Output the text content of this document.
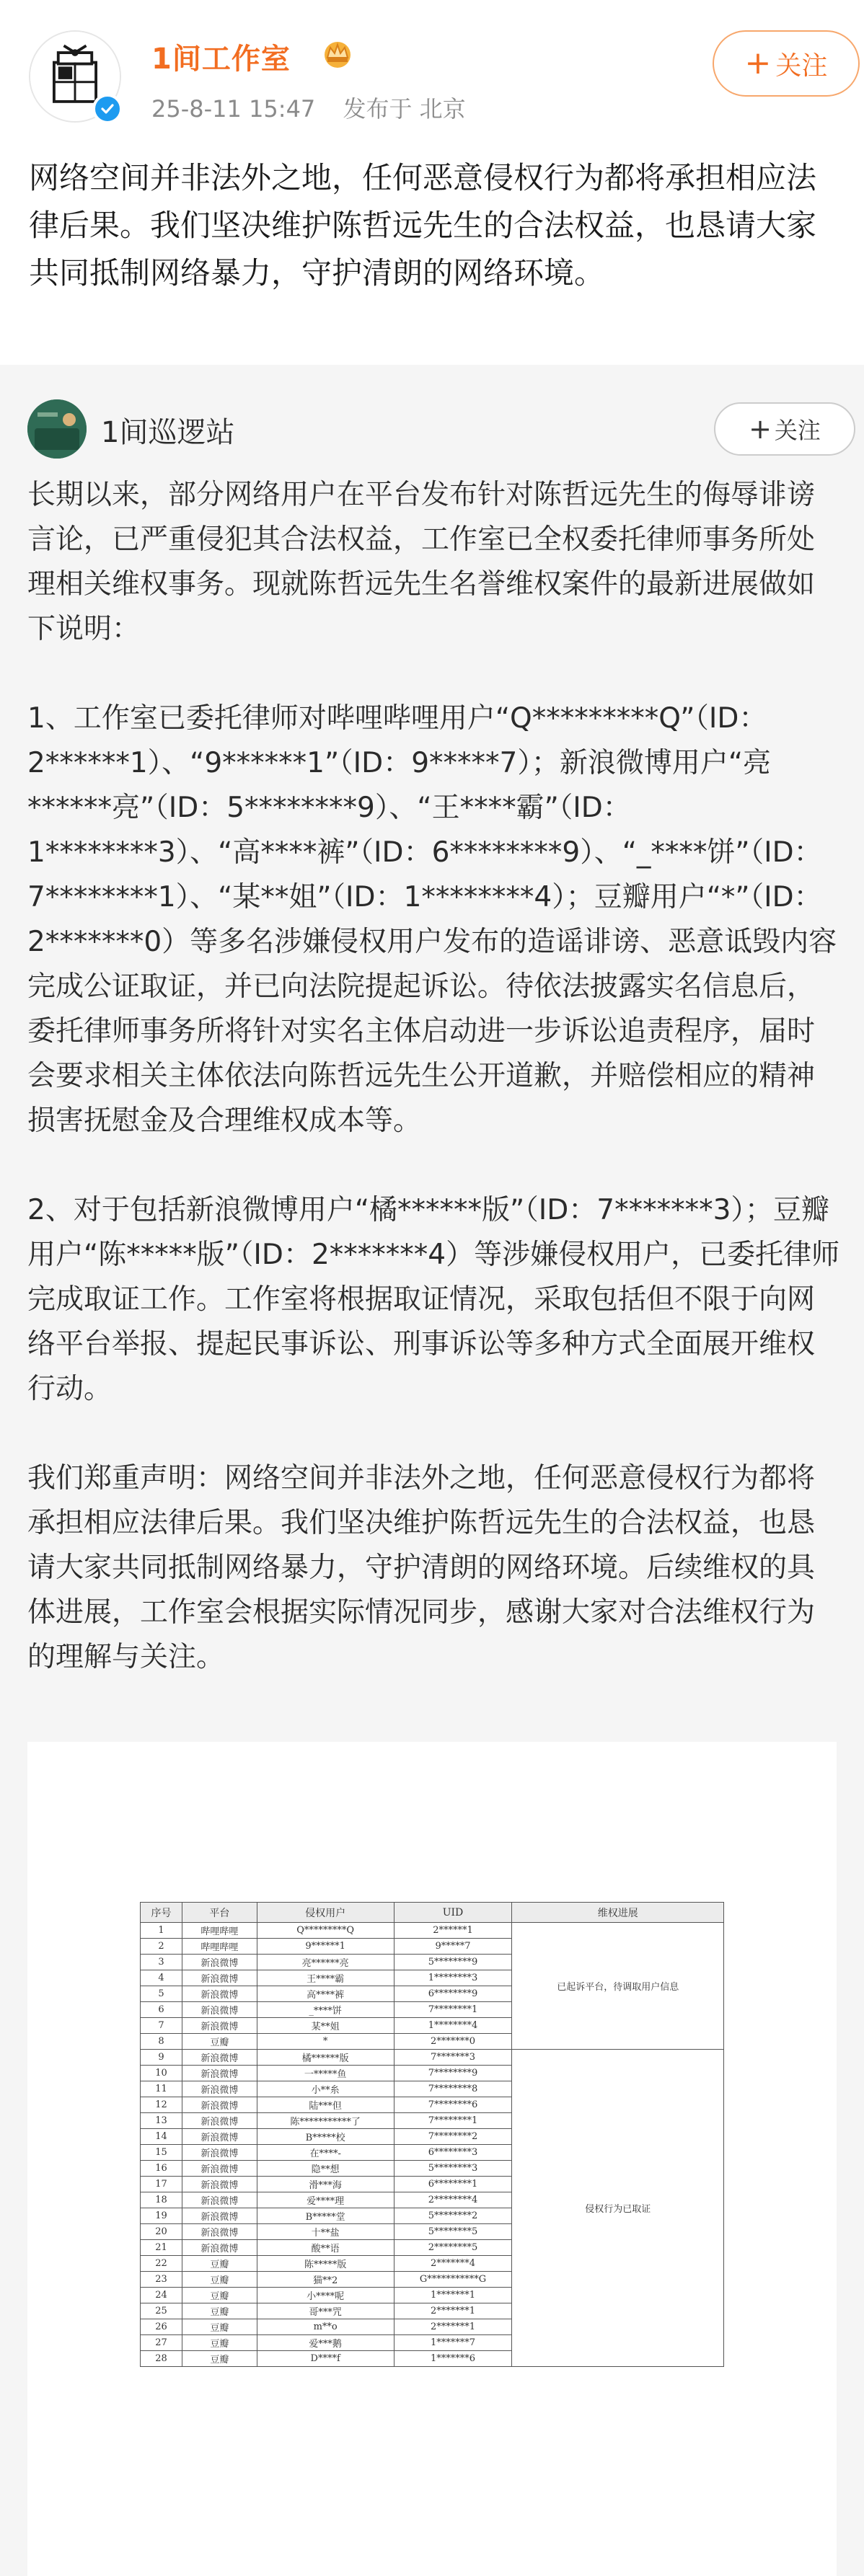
1间工作室
25-8-11 15:47 发布于 北京
+ 关注
网络空间并非法外之地，任何恶意侵权行为都将承担相应法律后果。我们坚决维护陈哲远先生的合法权益，也恳请大家共同抵制网络暴力，守护清朗的网络环境。
1间巡逻站	+ 关注

长期以来，部分网络用户在平台发布针对陈哲远先生的侮辱诽谤言论，已严重侵犯其合法权益，工作室已全权委托律师事务所处理相关维权事务。现就陈哲远先生名誉维权案件的最新进展做如下说明：

1、工作室已委托律师对哔哩哔哩用户“Q*********Q”（ID：2******1）、“9******1”（ID：9*****7）；新浪微博用户“亮******亮”（ID：5********9）、“王****霸”（ID：1********3）、“高****裤”（ID：6********9）、“_****饼”（ID：7********1）、“某**姐”（ID：1********4）；豆瓣用户“*”（ID：2*******0）等多名涉嫌侵权用户发布的造谣诽谤、恶意诋毁内容完成公证取证，并已向法院提起诉讼。待依法披露实名信息后，委托律师事务所将针对实名主体启动进一步诉讼追责程序，届时会要求相关主体依法向陈哲远先生公开道歉，并赔偿相应的精神损害抚慰金及合理维权成本等。

2、对于包括新浪微博用户“橘******版”（ID：7*******3）；豆瓣用户“陈*****版”（ID：2*******4）等涉嫌侵权用户，已委托律师完成取证工作。工作室将根据取证情况，采取包括但不限于向网络平台举报、提起民事诉讼、刑事诉讼等多种方式全面展开维权行动。

我们郑重声明：网络空间并非法外之地，任何恶意侵权行为都将承担相应法律后果。我们坚决维护陈哲远先生的合法权益，也恳请大家共同抵制网络暴力，守护清朗的网络环境。后续维权的具体进展，工作室会根据实际情况同步，感谢大家对合法维权行为的理解与关注。

序号	平台	侵权用户	UID	维权进展
1	哔哩哔哩	Q*********Q	2******1	已起诉平台，待调取用户信息
2	哔哩哔哩	9******1	9*****7	
3	新浪微博	亮******亮	5********9	
4	新浪微博	王****霸	1********3	
5	新浪微博	高****裤	6********9	
6	新浪微博	_****饼	7********1	
7	新浪微博	某**姐	1********4	
8	豆瓣	*	2*******0	
9	新浪微博	橘******版	7*******3	侵权行为已取证
10	新浪微博	一*****鱼	7********9	
11	新浪微博	小**糸	7********8	
12	新浪微博	陆***但	7********6	
13	新浪微博	陈***********了	7********1	
14	新浪微博	B*****校	7********2	
15	新浪微博	在****-	6********3	
16	新浪微博	隐**想	5********3	
17	新浪微博	滑***海	6********1	
18	新浪微博	爱****理	2********4	
19	新浪微博	B*****堂	5********2	
20	新浪微博	十**盐	5********5	
21	新浪微博	酸**语	2********5	
22	豆瓣	陈*****版	2*******4	
23	豆瓣	猫**2	G***********G	
24	豆瓣	小****呢	1*******1	
25	豆瓣	哥***咒	2*******1	
26	豆瓣	m**o	2*******1	
27	豆瓣	爱***鹅	1*******7	
28	豆瓣	D****f	1*******6	
